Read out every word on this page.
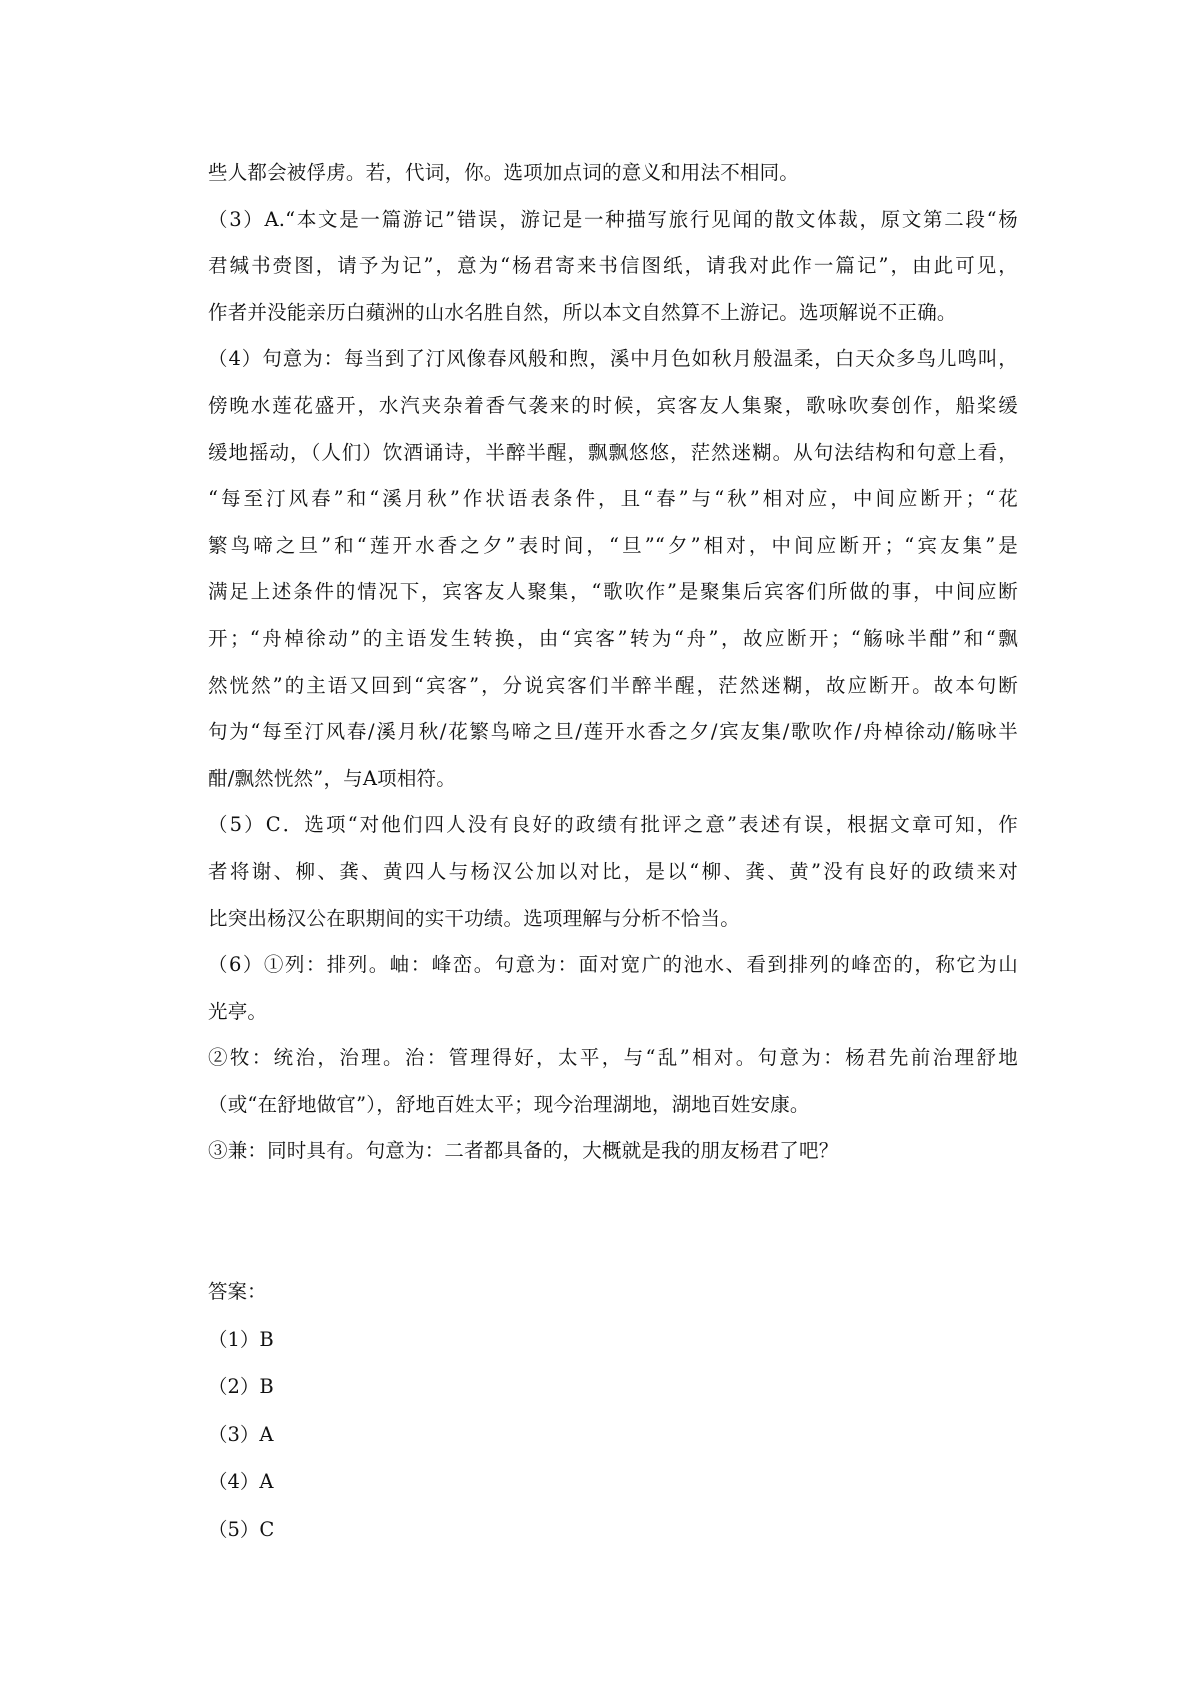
些人都会被俘虏。若，代词，你。选项加点词的意义和用法不相同。
（3）A.“本文是一篇游记”错误，游记是一种描写旅行见闻的散文体裁，原文第二段“杨
君缄书赍图，请予为记”，意为“杨君寄来书信图纸，请我对此作一篇记”，由此可见，
作者并没能亲历白蘋洲的山水名胜自然，所以本文自然算不上游记。选项解说不正确。
（4）句意为：每当到了汀风像春风般和煦，溪中月色如秋月般温柔，白天众多鸟儿鸣叫，
傍晚水莲花盛开，水汽夹杂着香气袭来的时候，宾客友人集聚，歌咏吹奏创作，船桨缓
缓地摇动，（人们）饮酒诵诗，半醉半醒，飘飘悠悠，茫然迷糊。从句法结构和句意上看，
“每至汀风春”和“溪月秋”作状语表条件，且“春”与“秋”相对应，中间应断开；“花
繁鸟啼之旦”和“莲开水香之夕”表时间，“旦”“夕”相对，中间应断开；“宾友集”是
满足上述条件的情况下，宾客友人聚集，“歌吹作”是聚集后宾客们所做的事，中间应断
开；“舟棹徐动”的主语发生转换，由“宾客”转为“舟”，故应断开；“觞咏半酣”和“飘
然恍然”的主语又回到“宾客”，分说宾客们半醉半醒，茫然迷糊，故应断开。故本句断
句为“每至汀风春/溪月秋/花繁鸟啼之旦/莲开水香之夕/宾友集/歌吹作/舟棹徐动/觞咏半
酣/飘然恍然”，与A项相符。
（5）C．选项“对他们四人没有良好的政绩有批评之意”表述有误，根据文章可知，作
者将谢、柳、龚、黄四人与杨汉公加以对比，是以“柳、龚、黄”没有良好的政绩来对
比突出杨汉公在职期间的实干功绩。选项理解与分析不恰当。
（6）①列：排列。岫：峰峦。句意为：面对宽广的池水、看到排列的峰峦的，称它为山
光亭。
②牧：统治，治理。治：管理得好，太平，与“乱”相对。句意为：杨君先前治理舒地
（或“在舒地做官”），舒地百姓太平；现今治理湖地，湖地百姓安康。
③兼：同时具有。句意为：二者都具备的，大概就是我的朋友杨君了吧？
答案：
（1）B
（2）B
（3）A
（4）A
（5）C
